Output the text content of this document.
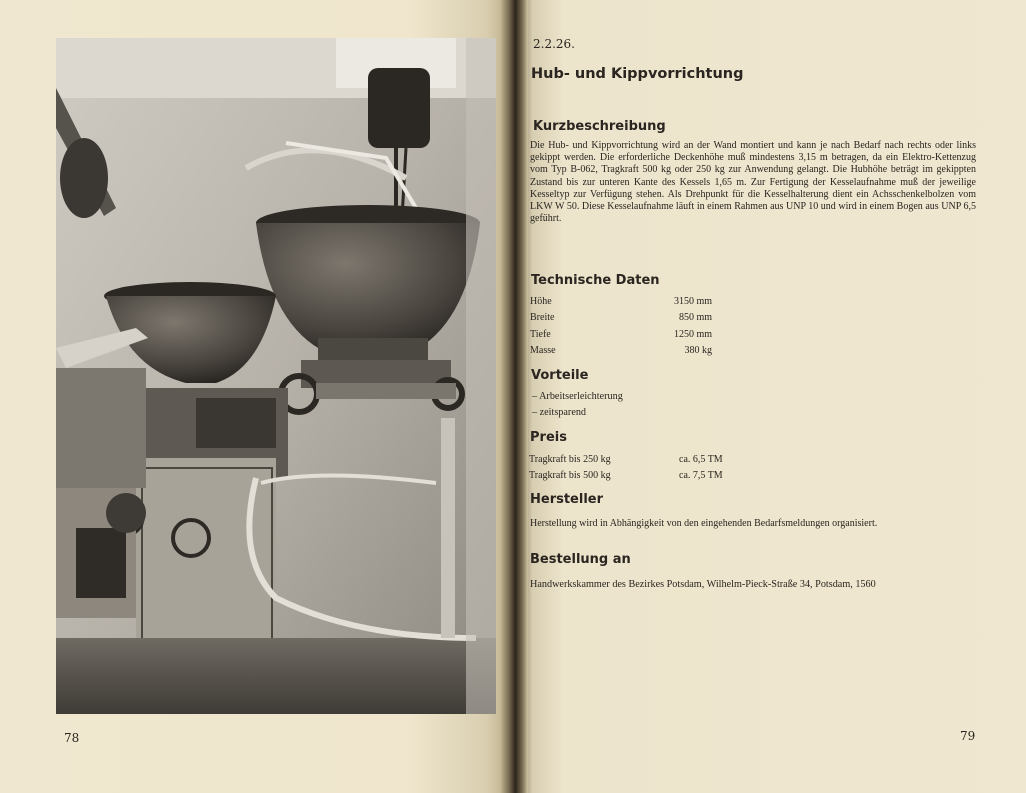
78
2.2.26.
Hub- und Kippvorrichtung
Kurzbeschreibung
Die Hub- und Kippvorrichtung wird an der Wand montiert und kann je nach Bedarf nach rechts oder links gekippt werden. Die erforderliche Deckenhöhe muß mindestens 3,15 m betragen, da ein Elektro-Kettenzug vom Typ B-062, Tragkraft 500 kg oder 250 kg zur Anwendung gelangt. Die Hubhöhe beträgt im gekippten Zustand bis zur unteren Kante des Kessels 1,65 m. Zur Fertigung der Kesselaufnahme muß der jeweilige Kesseltyp zur Verfügung stehen. Als Drehpunkt für die Kesselhalterung dient ein Achsschenkelbolzen vom LKW W 50. Diese Kesselaufnahme läuft in einem Rahmen aus UNP 10 und wird in einem Bogen aus UNP 6,5 geführt.
Technische Daten
Höhe	3150 mm
Breite	850 mm
Tiefe	1250 mm
Masse	380 kg
Vorteile
– Arbeitserleichterung
– zeitsparend
Preis
Tragkraft bis 250 kg	ca. 6,5 TM
Tragkraft bis 500 kg	ca. 7,5 TM
Hersteller
Herstellung wird in Abhängigkeit von den eingehenden Bedarfsmeldungen organisiert.
Bestellung an
Handwerkskammer des Bezirkes Potsdam, Wilhelm-Pieck-Straße 34, Potsdam, 1560
79
